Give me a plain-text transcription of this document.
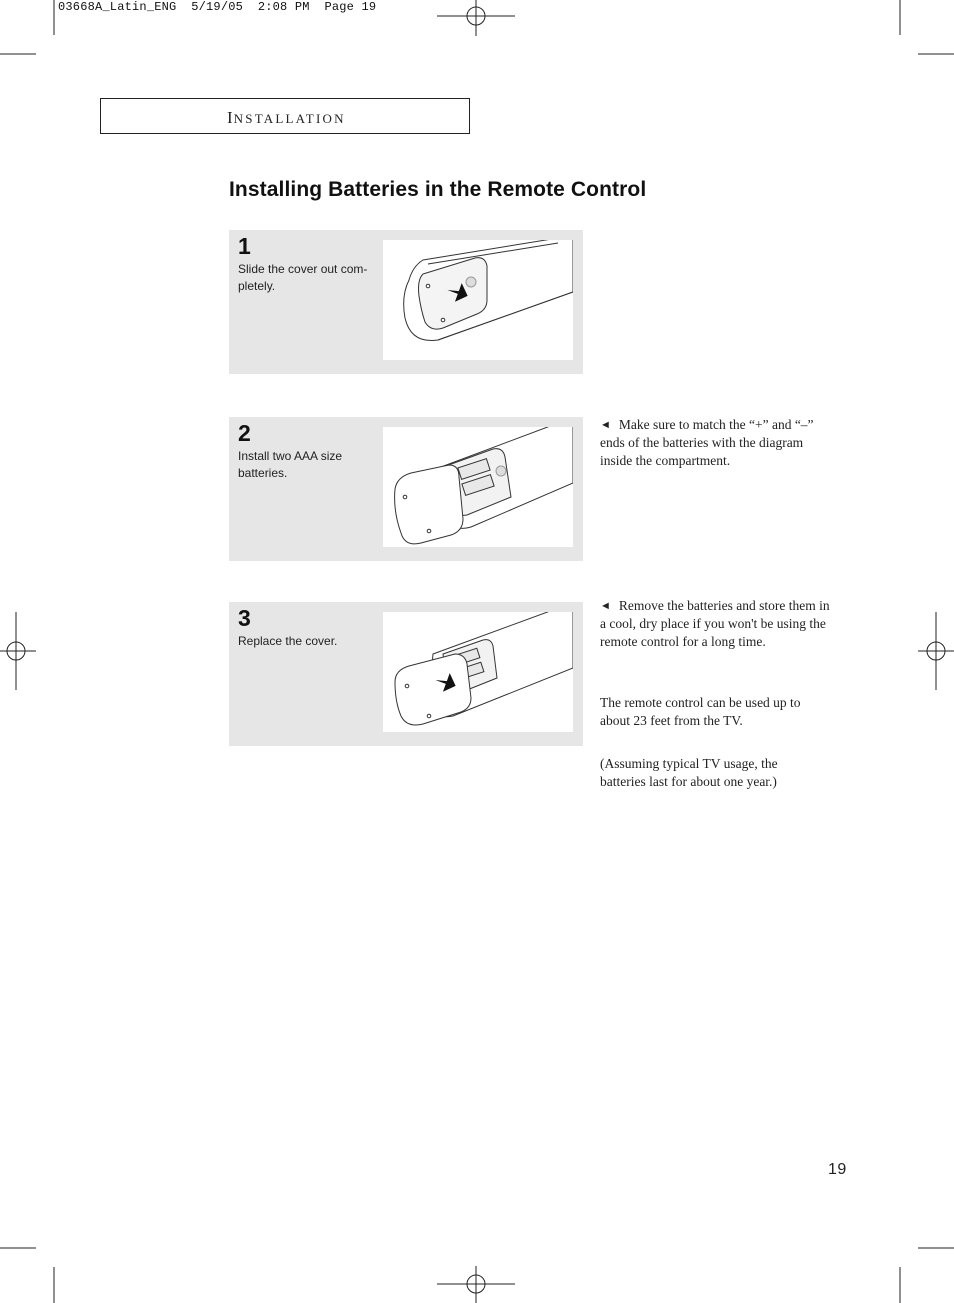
03668A_Latin_ENG  5/19/05  2:08 PM  Page 19
INSTALLATION
Installing Batteries in the Remote Control
1
Slide the cover out com-pletely.
2
Install two AAA size batteries.
3
Replace the cover.
◄ Make sure to match the “+” and “–” ends of the batteries with the diagram inside the compartment.
◄ Remove the batteries and store them in a cool, dry place if you won't be using the remote control for a long time.
The remote control can be used up to about 23 feet from the TV.
(Assuming typical TV usage, the batteries last for about one year.)
19
